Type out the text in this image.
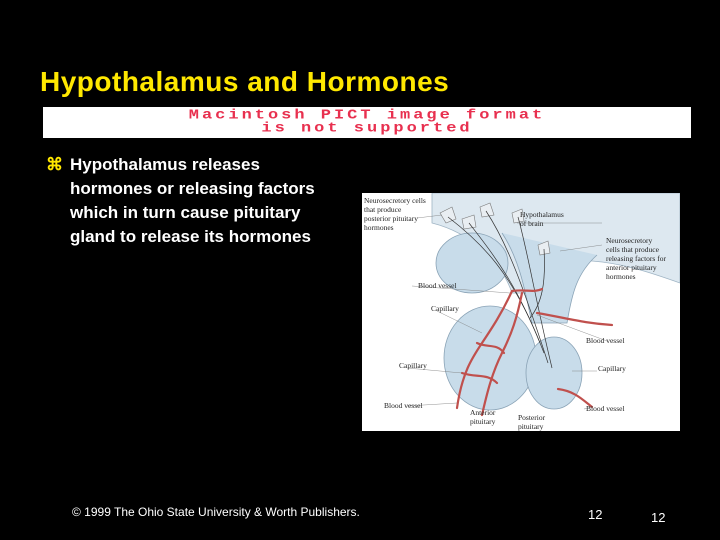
Hypothalamus and Hormones
Macintosh PICT image format
is not supported
⌘ Hypothalamus releases hormones or releasing factors which in turn cause pituitary gland to release its hormones
Neurosecretory cells
that produce
posterior pituitary
hormones
Hypothalamus
of brain
Neurosecretory
cells that produce
releasing factors for
anterior pituitary
hormones
Blood vessel
Capillary
Blood vessel
Capillary	Capillary
Blood vessel	Blood vessel
Anterior
pituitary	Posterior
pituitary
© 1999 The Ohio State University & Worth Publishers.	12	12
